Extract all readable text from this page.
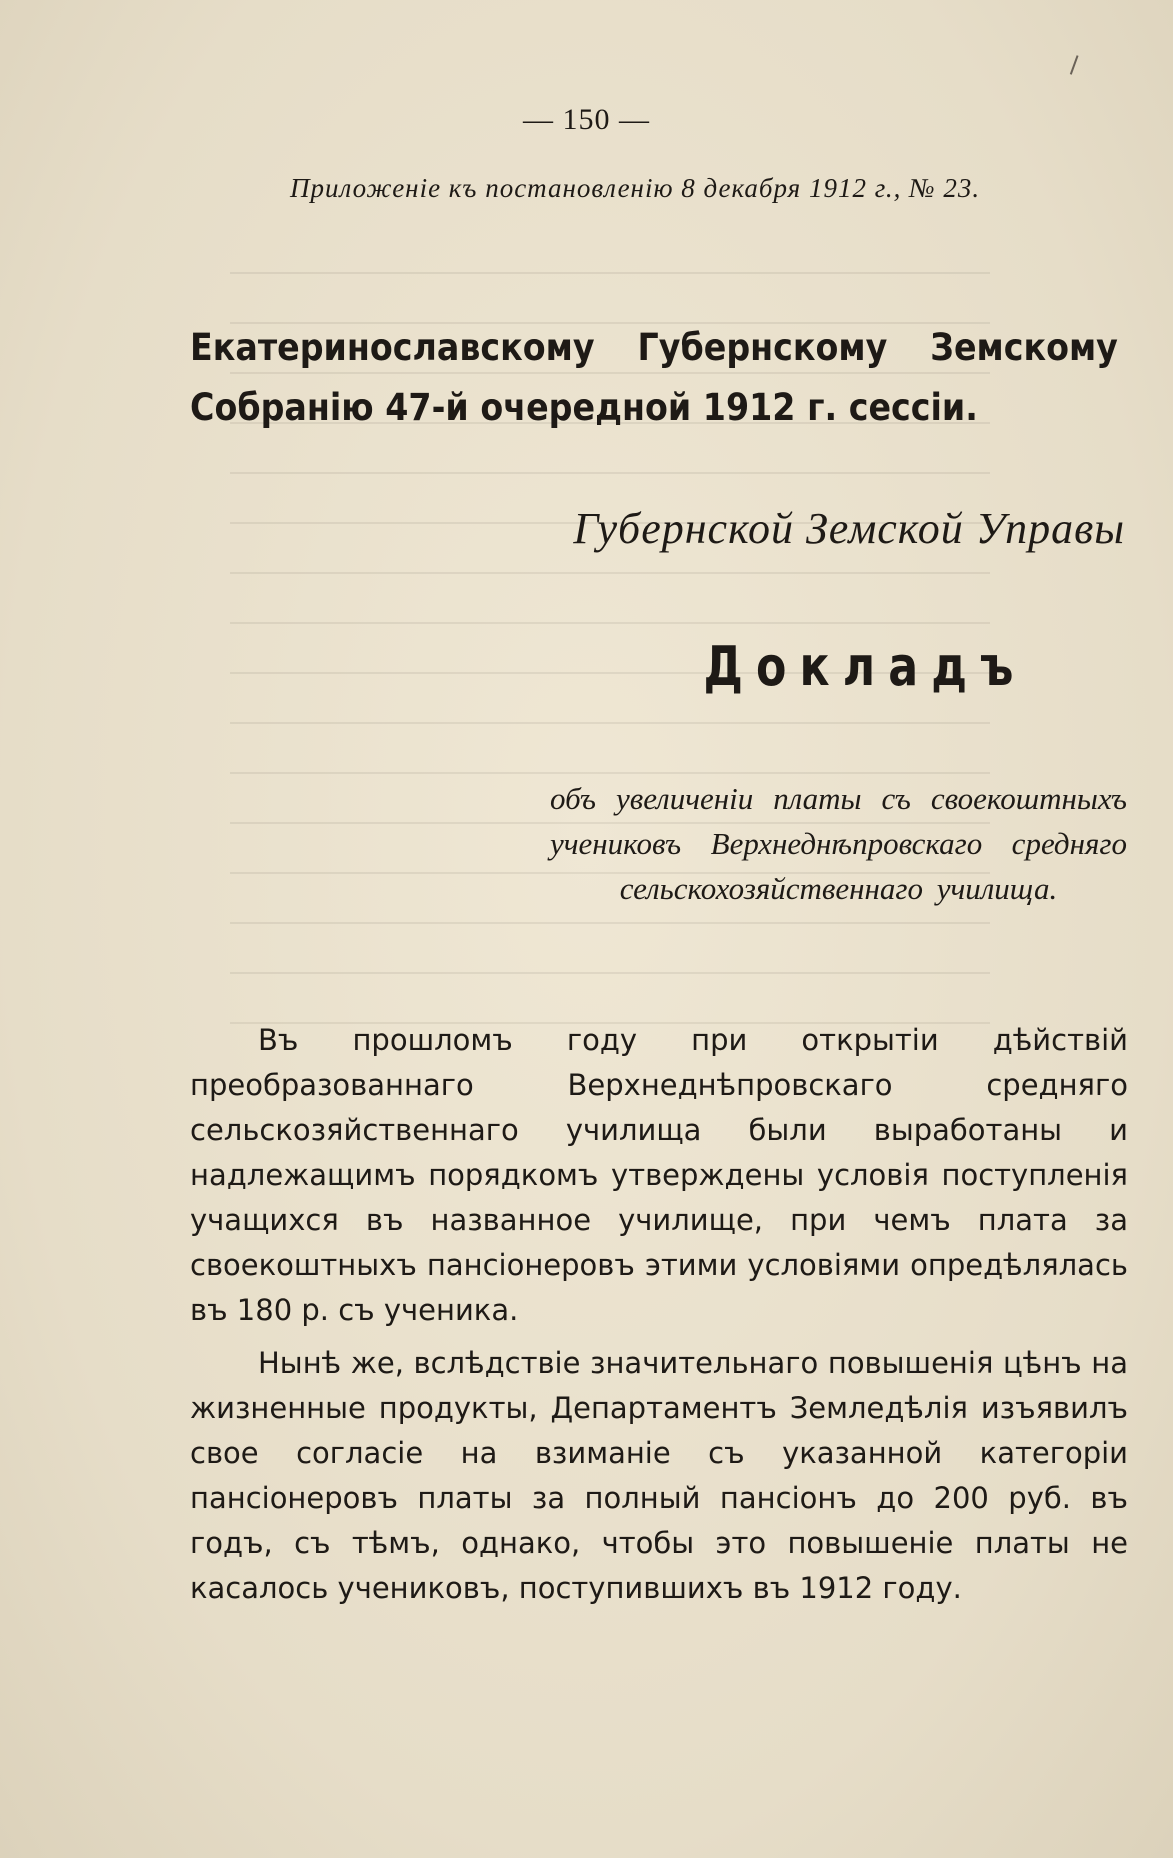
— 150 —
Приложеніе къ постановленію 8 декабря 1912 г., № 23.
Екатеринославскому Губернскому Земскому Собранію 47-й очередной 1912 г. сессіи.
Губернской Земской Управы
Докладъ
объ увеличеніи платы съ своекоштныхъ учениковъ Верхнеднѣпровскаго средняго сельскохозяйственнаго училища.

Въ прошломъ году при открытіи дѣйствій преобразованнаго Верхнеднѣпровскаго средняго сельскозяйственнаго училища были выработаны и надлежащимъ порядкомъ утверждены условія поступленія учащихся въ названное училище, при чемъ плата за своекоштныхъ пансіонеровъ этими условіями опредѣлялась въ 180 р. съ ученика.

Нынѣ же, вслѣдствіе значительнаго повышенія цѣнъ на жизненные продукты, Департаментъ Земледѣлія изъявилъ свое согласіе на взиманіе съ указанной категоріи пансіонеровъ платы за полный пансіонъ до 200 руб. въ годъ, съ тѣмъ, однако, чтобы это повышеніе платы не касалось учениковъ, поступившихъ въ 1912 году.
